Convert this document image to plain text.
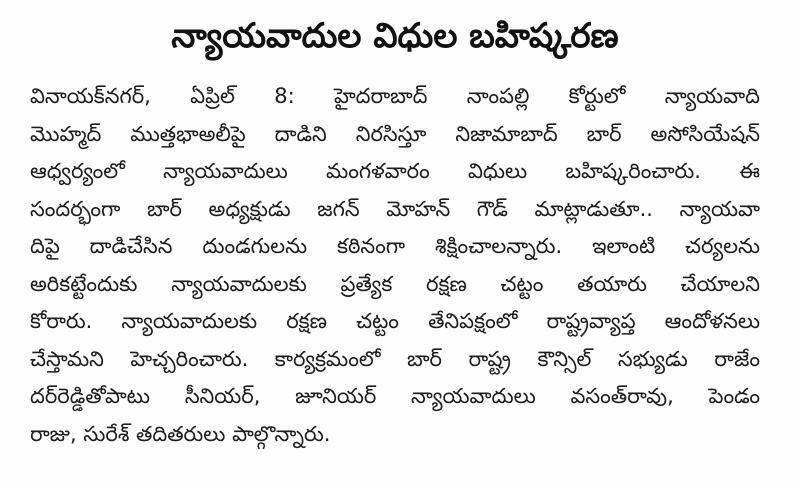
న్యాయవాదుల విధుల బహిష్కరణ
వినాయక్‌నగర్, ఏప్రిల్ 8: హైదరాబాద్ నాంపల్లి కోర్టులో న్యాయవాది
మొహ్మద్ ముత్తభాఅలీపై దాడిని నిరసిస్తూ నిజామాబాద్ బార్ అసోసియేషన్
ఆధ్వర్యంలో న్యాయవాదులు మంగళవారం విధులు బహిష్కరించారు. ఈ
సందర్భంగా బార్ అధ్యక్షుడు జగన్ మోహన్ గౌడ్ మాట్లాడుతూ.. న్యాయవా
దిపై దాడిచేసిన దుండగులను కఠినంగా శిక్షించాలన్నారు. ఇలాంటి చర్యలను
అరికట్టేందుకు న్యాయవాదులకు ప్రత్యేక రక్షణ చట్టం తయారు చేయాలని
కోరారు. న్యాయవాదులకు రక్షణ చట్టం తేనిపక్షంలో రాష్ట్రవ్యాప్త ఆందోళనలు
చేస్తామని హెచ్చరించారు. కార్యక్రమంలో బార్ రాష్ట్ర కౌన్సిల్ సభ్యుడు రాజేం
దర్‌రెడ్డితోపాటు సీనియర్, జూనియర్ న్యాయవాదులు వసంత్‌రావు, పెండం
రాజు, సురేశ్ తదితరులు పాల్గొన్నారు.
